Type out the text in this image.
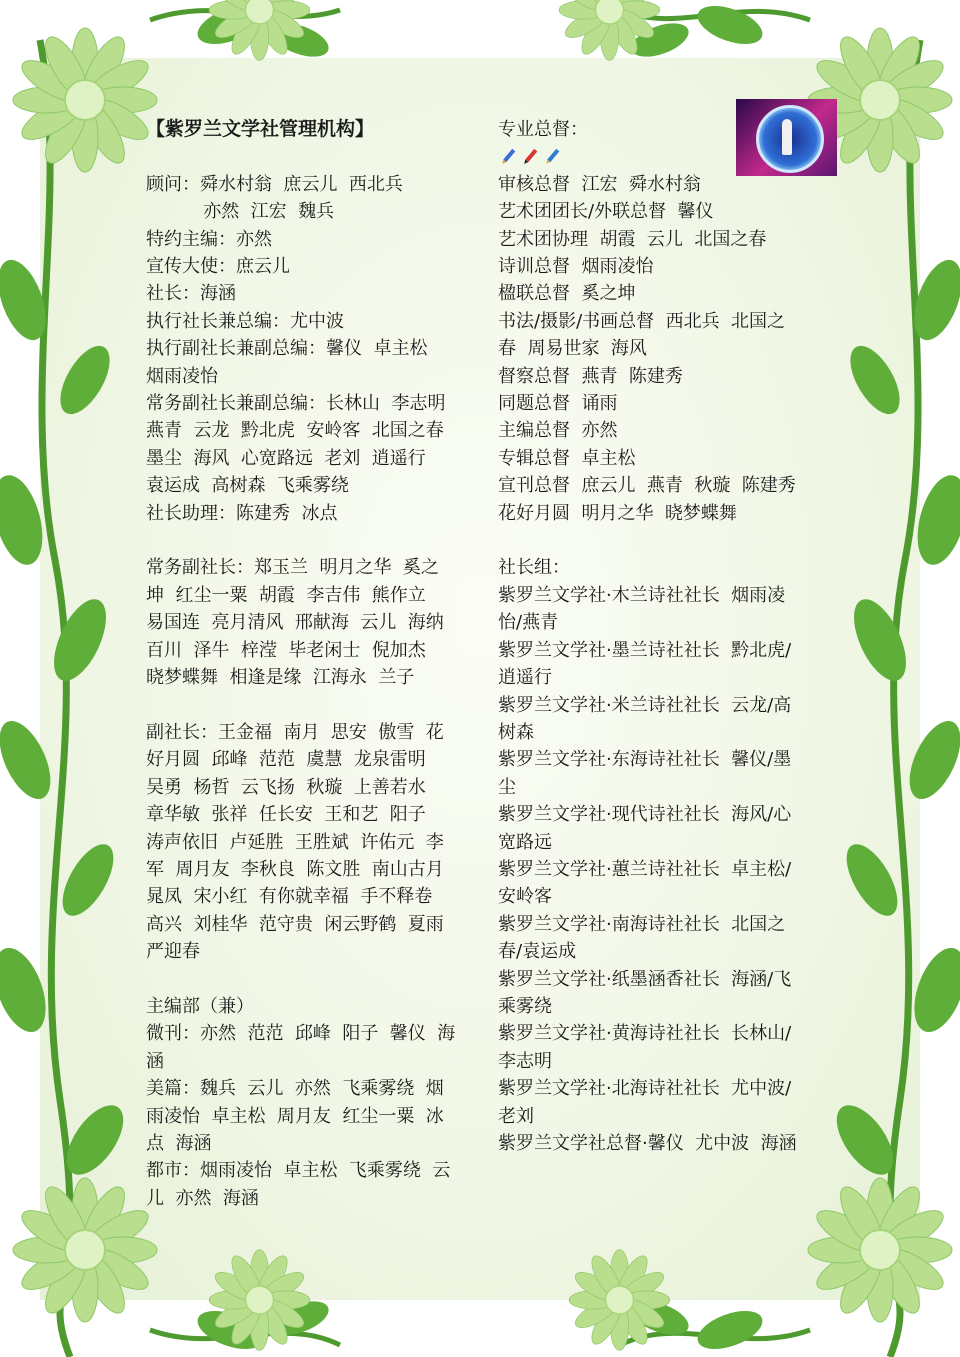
【紫罗兰文学社管理机构】
顾问：舜水村翁  庶云儿  西北兵
亦然  江宏  魏兵
特约主编：亦然
宣传大使：庶云儿
社长：海涵
执行社长兼总编：尤中波
执行副社长兼副总编：馨仪  卓主松
烟雨凌怡
常务副社长兼副总编：长林山  李志明
燕青  云龙  黔北虎  安岭客  北国之春
墨尘  海风  心宽路远  老刘  逍遥行
袁运成  高树森  飞乘雾绕
社长助理：陈建秀  冰点
常务副社长：郑玉兰  明月之华  奚之
坤  红尘一粟  胡霞  李吉伟  熊作立
易国连  亮月清风  邢献海  云儿  海纳
百川  泽牛  梓滢  毕老闲士  倪加杰
晓梦蝶舞  相逢是缘  江海永  兰子
副社长：王金福  南月  思安  傲雪  花
好月圆  邱峰  范范  虞慧  龙泉雷明
吴勇  杨哲  云飞扬  秋璇  上善若水
章华敏  张祥  任长安  王和艺  阳子
涛声依旧  卢延胜  王胜斌  许佑元  李
军  周月友  李秋良  陈文胜  南山古月
晁凤  宋小红  有你就幸福  手不释卷
高兴  刘桂华  范守贵  闲云野鹤  夏雨
严迎春
主编部（兼）
微刊：亦然  范范  邱峰  阳子  馨仪  海
涵
美篇：魏兵  云儿  亦然  飞乘雾绕  烟
雨凌怡  卓主松  周月友  红尘一粟  冰
点  海涵
都市：烟雨凌怡  卓主松  飞乘雾绕  云
儿  亦然  海涵
专业总督：
审核总督  江宏  舜水村翁
艺术团团长/外联总督  馨仪
艺术团协理  胡霞  云儿  北国之春
诗训总督  烟雨凌怡
楹联总督  奚之坤
书法/摄影/书画总督  西北兵  北国之
春  周易世家  海风
督察总督  燕青  陈建秀
同题总督  诵雨
主编总督  亦然
专辑总督  卓主松
宣刊总督  庶云儿  燕青  秋璇  陈建秀
花好月圆  明月之华  晓梦蝶舞
社长组：
紫罗兰文学社·木兰诗社社长  烟雨凌
怡/燕青
紫罗兰文学社·墨兰诗社社长  黔北虎/
逍遥行
紫罗兰文学社·米兰诗社社长  云龙/高
树森
紫罗兰文学社·东海诗社社长  馨仪/墨
尘
紫罗兰文学社·现代诗社社长  海风/心
宽路远
紫罗兰文学社·蕙兰诗社社长  卓主松/
安岭客
紫罗兰文学社·南海诗社社长  北国之
春/袁运成
紫罗兰文学社·纸墨涵香社长  海涵/飞
乘雾绕
紫罗兰文学社·黄海诗社社长  长林山/
李志明
紫罗兰文学社·北海诗社社长  尤中波/
老刘
紫罗兰文学社总督·馨仪  尤中波  海涵
